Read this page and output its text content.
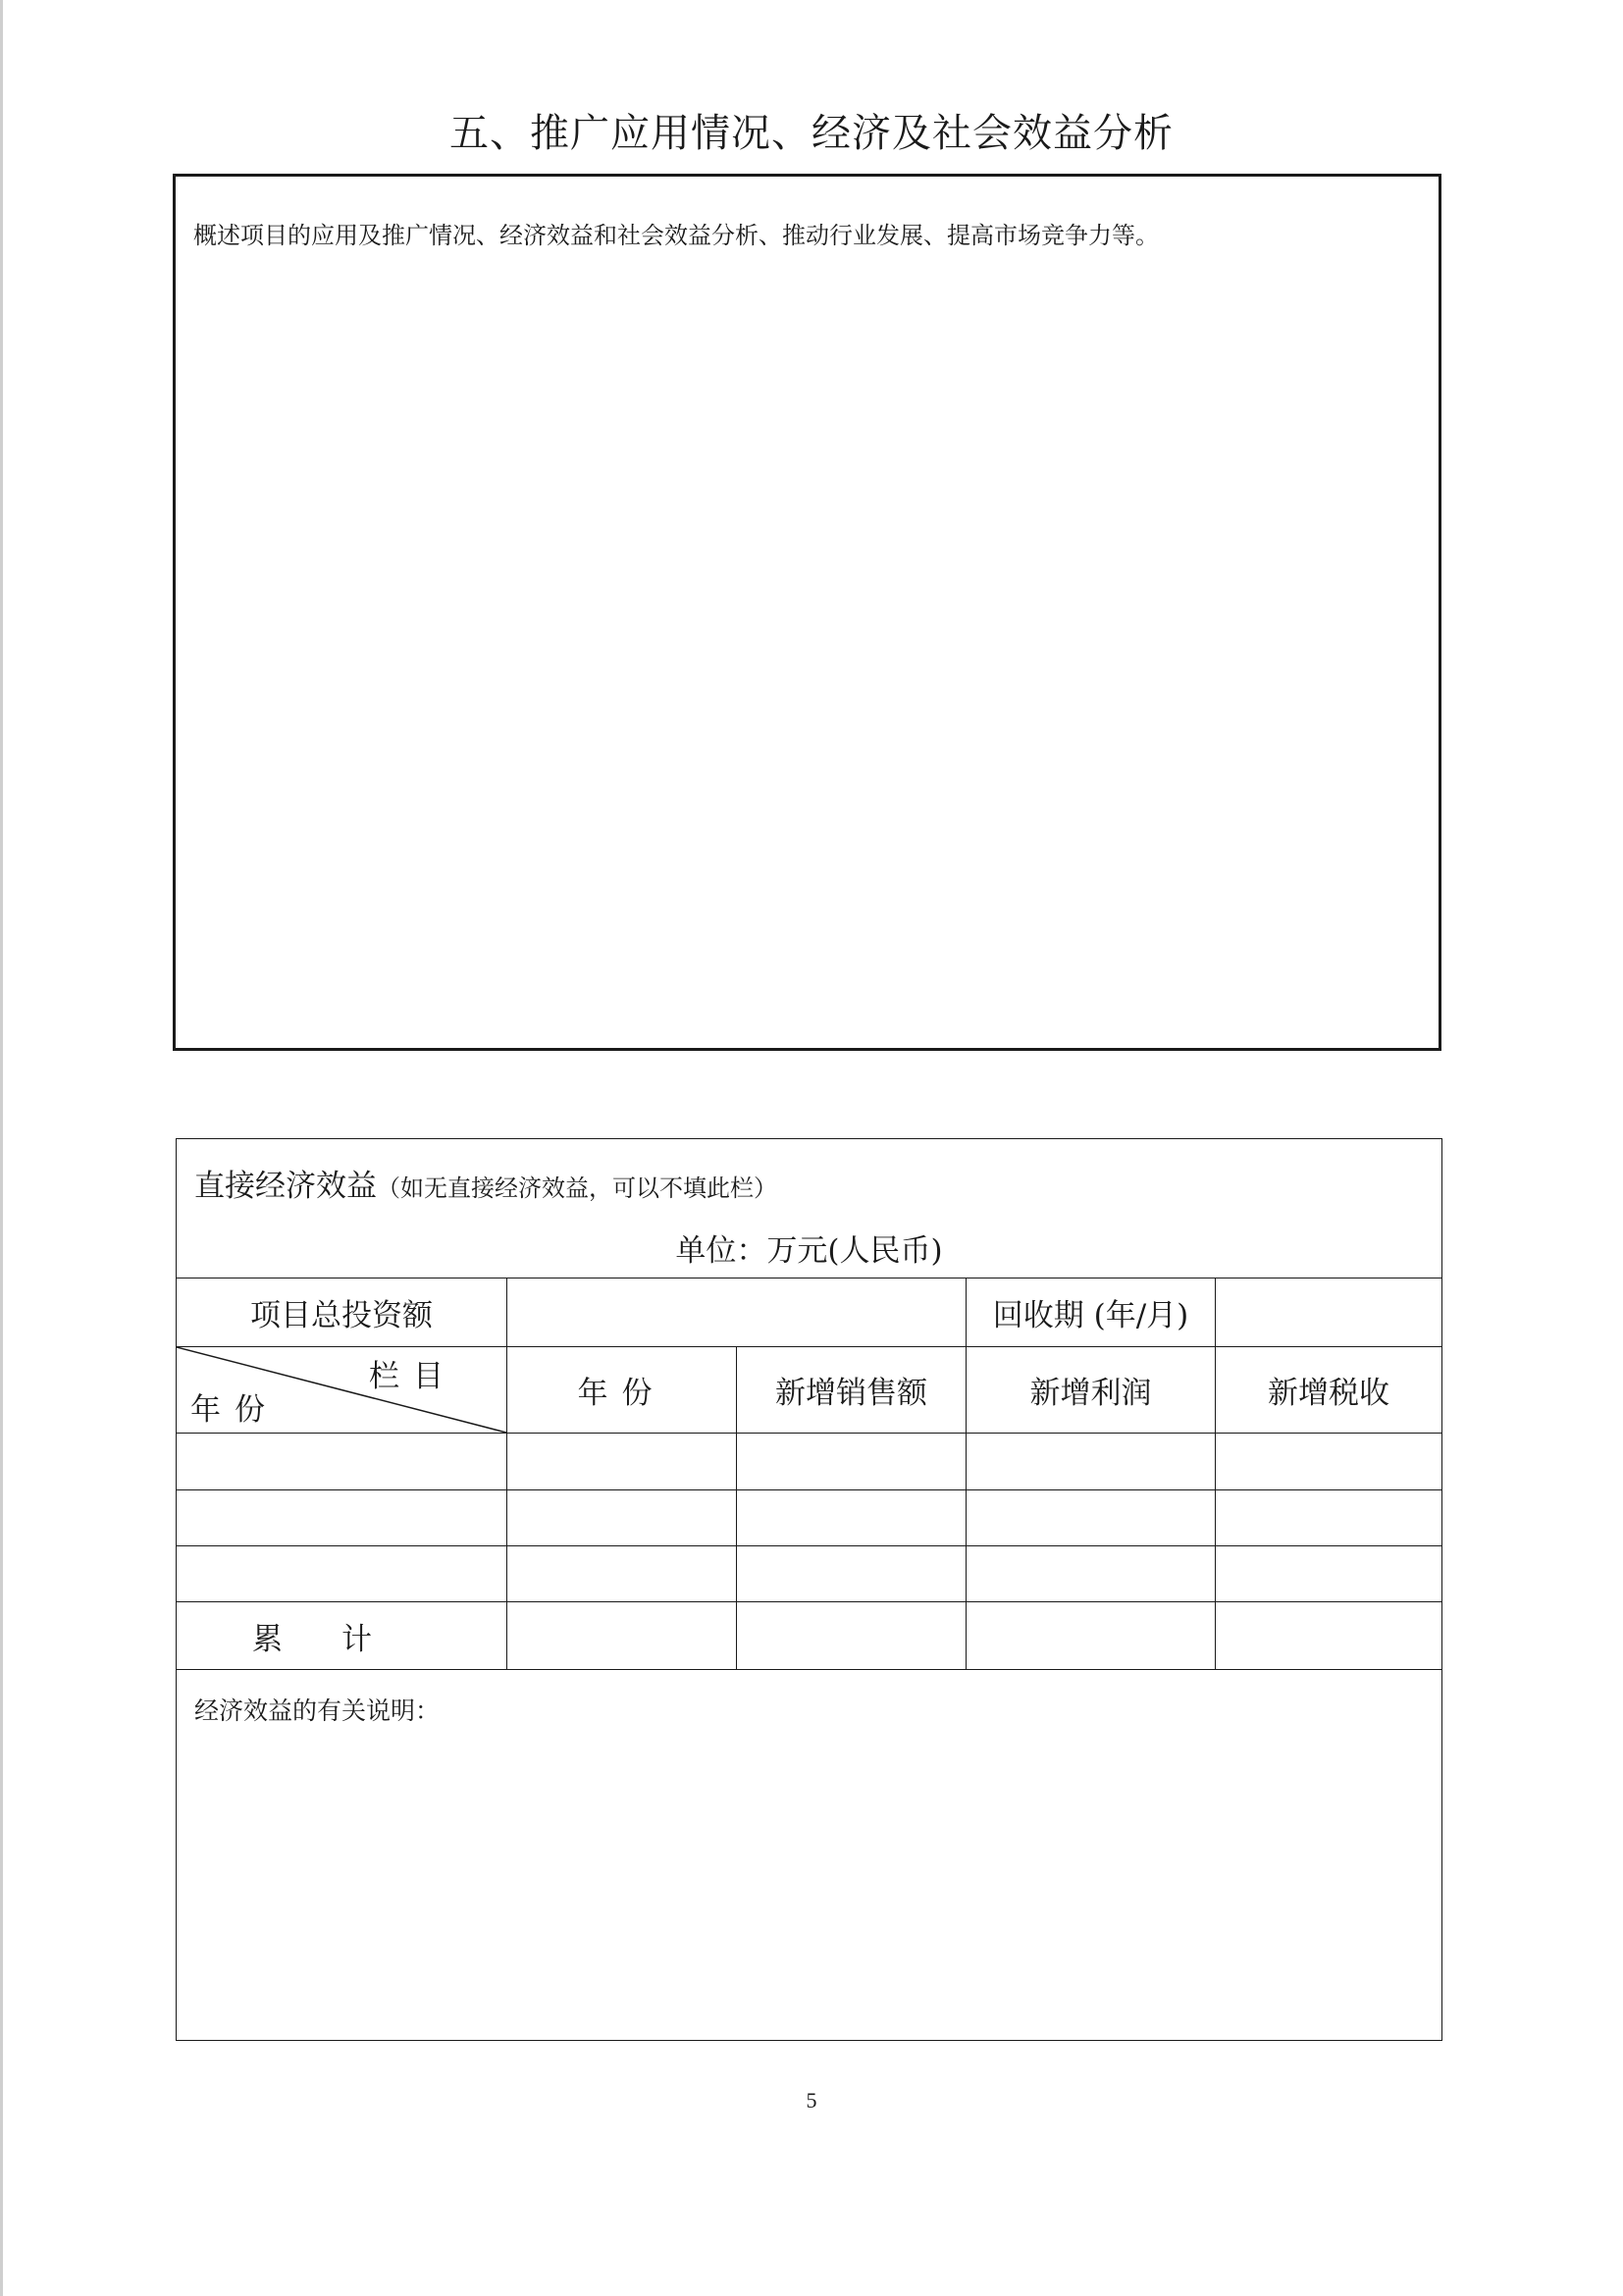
五、推广应用情况、经济及社会效益分析
概述项目的应用及推广情况、经济效益和社会效益分析、推动行业发展、提高市场竞争力等。
直接经济效益（如无直接经济效益，可以不填此栏）
单位：万元(人民币)				

项目总投资额			回收期 (年/月)	

栏目
年份	年份	新增销售额	新增利润	新增税收

累计				

经济效益的有关说明：				
5
